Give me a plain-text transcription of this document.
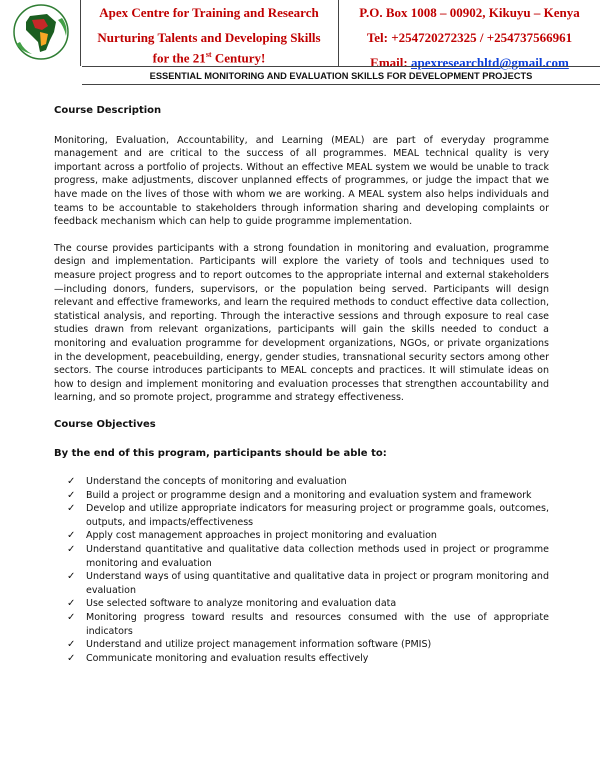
Apex Centre for Training and Research
Nurturing Talents and Developing Skills
for the 21st Century!
P.O. Box 1008 – 00902, Kikuyu – Kenya
Tel: +254720272325 / +254737566961
Email: apexresearchltd@gmail.com
ESSENTIAL MONITORING AND EVALUATION SKILLS FOR DEVELOPMENT PROJECTS
Course Description

Monitoring, Evaluation, Accountability, and Learning (MEAL) are part of everyday programme management and are critical to the success of all programmes. MEAL technical quality is very important across a portfolio of projects. Without an effective MEAL system we would be unable to track progress, make adjustments, discover unplanned effects of programmes, or judge the impact that we have made on the lives of those with whom we are working. A MEAL system also helps individuals and teams to be accountable to stakeholders through information sharing and developing complaints or feedback mechanism which can help to guide programme implementation.

The course provides participants with a strong foundation in monitoring and evaluation, programme design and implementation. Participants will explore the variety of tools and techniques used to measure project progress and to report outcomes to the appropriate internal and external stakeholders—including donors, funders, supervisors, or the population being served. Participants will design relevant and effective frameworks, and learn the required methods to conduct effective data collection, statistical analysis, and reporting. Through the interactive sessions and through exposure to real case studies drawn from relevant organizations, participants will gain the skills needed to conduct a monitoring and evaluation programme for development organizations, NGOs, or private organizations in the development, peacebuilding, energy, gender studies, transnational security sectors among other sectors. The course introduces participants to MEAL concepts and practices. It will stimulate ideas on how to design and implement monitoring and evaluation processes that strengthen accountability and learning, and so promote project, programme and strategy effectiveness.

Course Objectives
By the end of this program, participants should be able to:
✓ Understand the concepts of monitoring and evaluation
✓ Build a project or programme design and a monitoring and evaluation system and framework
✓ Develop and utilize appropriate indicators for measuring project or programme goals, outcomes, outputs, and impacts/effectiveness
✓ Apply cost management approaches in project monitoring and evaluation
✓ Understand quantitative and qualitative data collection methods used in project or programme monitoring and evaluation
✓ Understand ways of using quantitative and qualitative data in project or program monitoring and evaluation
✓ Use selected software to analyze monitoring and evaluation data
✓ Monitoring progress toward results and resources consumed with the use of appropriate indicators
✓ Understand and utilize project management information software (PMIS)
✓ Communicate monitoring and evaluation results effectively
